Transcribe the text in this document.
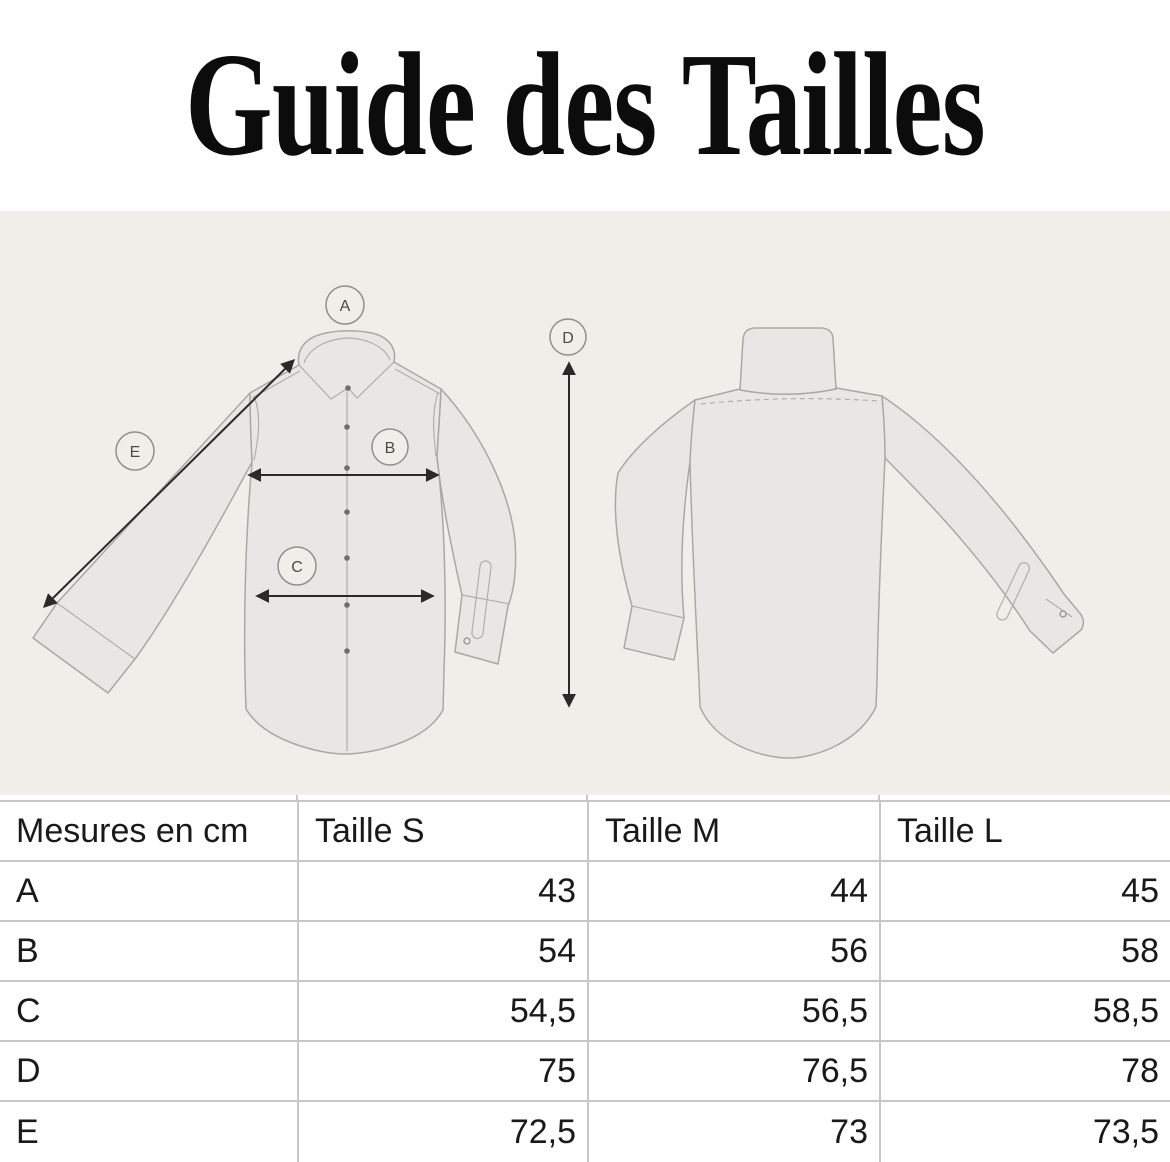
Guide des Tailles
A
B
C
D
E
Mesures en cm	Taille S	Taille M	Taille L
A	43	44	45
B	54	56	58
C	54,5	56,5	58,5
D	75	76,5	78
E	72,5	73	73,5
